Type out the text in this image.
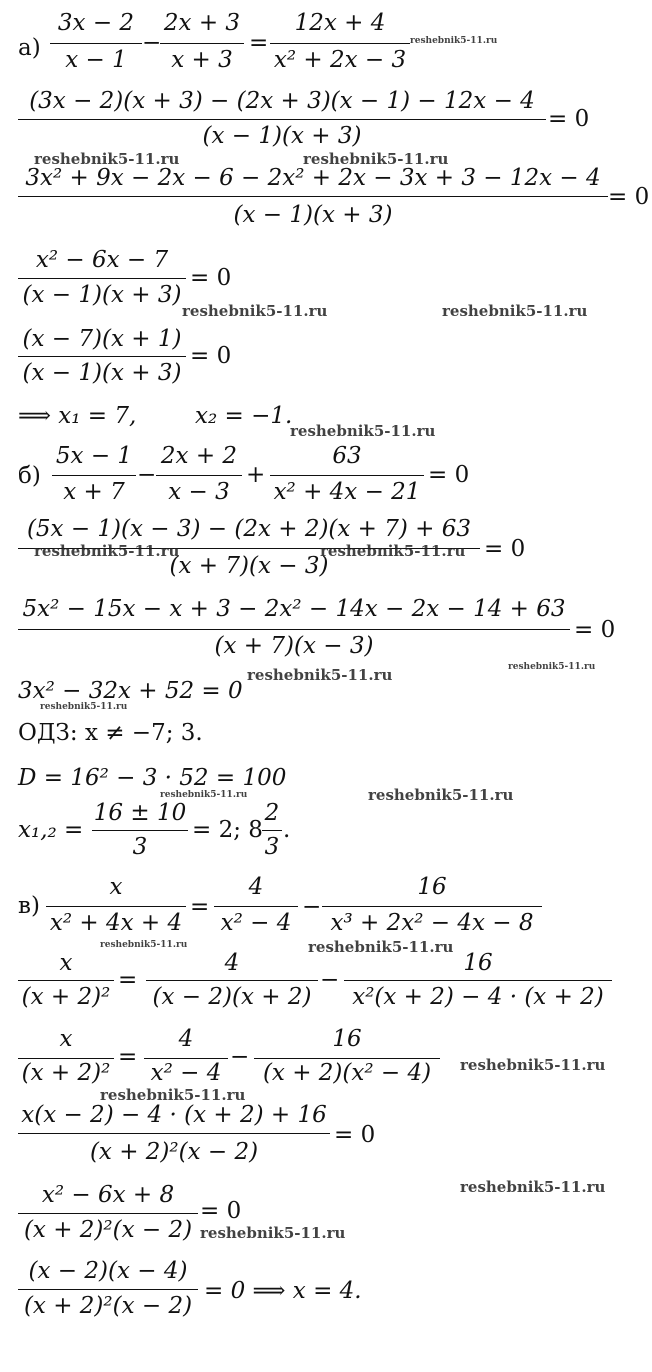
а)
3x − 2
x − 1
−
2x + 3
x + 3
=
12x + 4
x² + 2x − 3
reshebnik5-11.ru
(3x − 2)(x + 3) − (2x + 3)(x − 1) − 12x − 4
(x − 1)(x + 3)
= 0
reshebnik5-11.ru	reshebnik5-11.ru
3x² + 9x − 2x − 6 − 2x² + 2x − 3x + 3 − 12x − 4
(x − 1)(x + 3)
= 0
x² − 6x − 7
(x − 1)(x + 3)
= 0
reshebnik5-11.ru	reshebnik5-11.ru
(x − 7)(x + 1)
(x − 1)(x + 3)
= 0
⟹ x₁ = 7,	x₂ = −1.
reshebnik5-11.ru
б)
5x − 1
x + 7
−
2x + 2
x − 3
+
63
x² + 4x − 21
= 0
(5x − 1)(x − 3) − (2x + 2)(x + 7) + 63
(x + 7)(x − 3)
= 0
reshebnik5-11.ru	reshebnik5-11.ru
5x² − 15x − x + 3 − 2x² − 14x − 2x − 14 + 63
(x + 7)(x − 3)
= 0
reshebnik5-11.ru
reshebnik5-11.ru
3x² − 32x + 52 = 0
reshebnik5-11.ru
ОДЗ: x ≠ −7; 3.
D = 16² − 3 · 52 = 100
reshebnik5-11.ru	reshebnik5-11.ru
x₁,₂ =
16 ± 10
3
= 2; 8
2
3
.
в)
x
x² + 4x + 4
=
4
x² − 4
−
16
x³ + 2x² − 4x − 8
reshebnik5-11.ru	reshebnik5-11.ru
x
(x + 2)²
=
4
(x − 2)(x + 2)
−
16
x²(x + 2) − 4 · (x + 2)
x
(x + 2)²
=
4
x² − 4
−
16
(x + 2)(x² − 4)	reshebnik5-11.ru
reshebnik5-11.ru
x(x − 2) − 4 · (x + 2) + 16
(x + 2)²(x − 2)
= 0
reshebnik5-11.ru
x² − 6x + 8
(x + 2)²(x − 2)
= 0
reshebnik5-11.ru
(x − 2)(x − 4)
(x + 2)²(x − 2)
= 0 ⟹ x = 4.
